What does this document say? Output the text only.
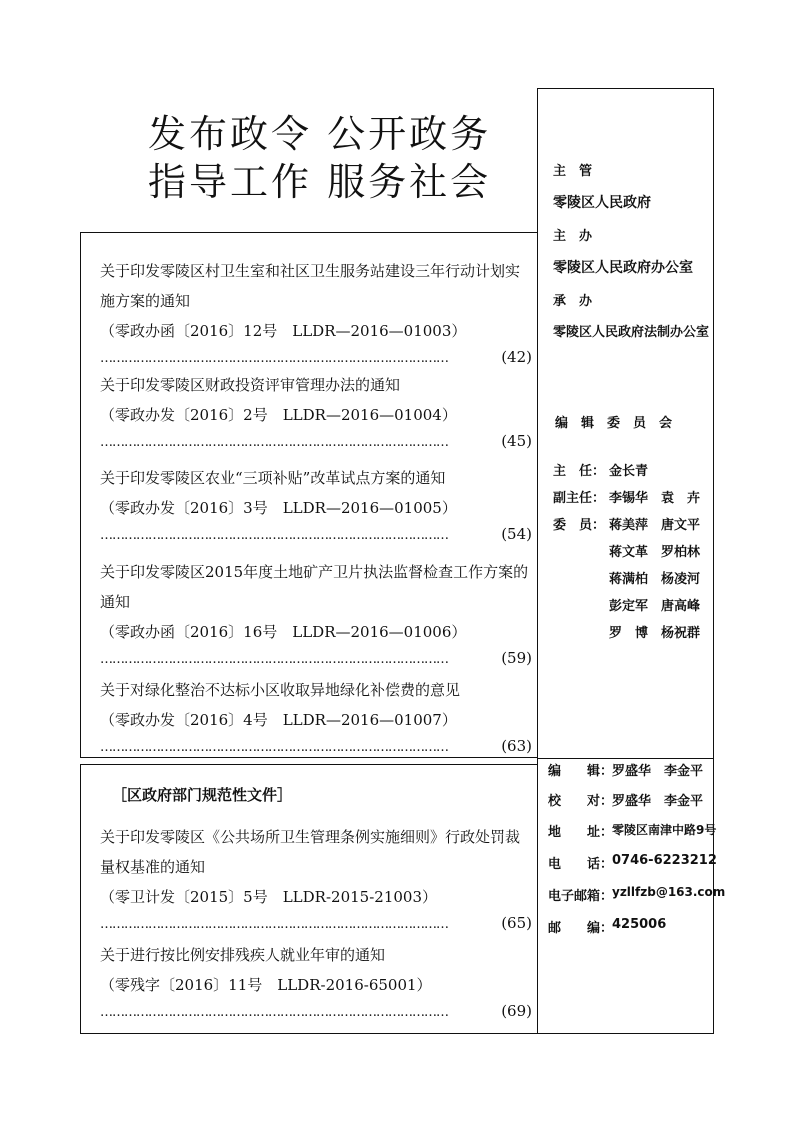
发布政令 公开政务
指导工作 服务社会
关于印发零陵区村卫生室和社区卫生服务站建设三年行动计划实施方案的通知
（零政办函〔2016〕12号　LLDR—2016—01003）
……………………………………………………………………………	(42)
关于印发零陵区财政投资评审管理办法的通知
（零政办发〔2016〕2号　LLDR—2016—01004）
……………………………………………………………………………	(45)
关于印发零陵区农业“三项补贴”改革试点方案的通知
（零政办发〔2016〕3号　LLDR—2016—01005）
……………………………………………………………………………	(54)
关于印发零陵区2015年度土地矿产卫片执法监督检查工作方案的通知
（零政办函〔2016〕16号　LLDR—2016—01006）
……………………………………………………………………………	(59)
关于对绿化整治不达标小区收取异地绿化补偿费的意见
（零政办发〔2016〕4号　LLDR—2016—01007）
……………………………………………………………………………	(63)
［区政府部门规范性文件］
关于印发零陵区《公共场所卫生管理条例实施细则》行政处罚裁量权基准的通知
（零卫计发〔2015〕5号　LLDR-2015-21003）
……………………………………………………………………………	(65)
关于进行按比例安排残疾人就业年审的通知
（零残字〔2016〕11号　LLDR-2016-65001）
……………………………………………………………………………	(69)
主　管
零陵区人民政府
主　办
零陵区人民政府办公室
承　办
零陵区人民政府法制办公室
编　辑　委　员　会
主　任： 金长青
副主任： 李锡华　袁　卉
委　员： 蒋美萍　唐文平
蒋文革　罗柏林
蒋满柏　杨凌河
彭定军　唐高峰
罗　博　杨祝群
编　　辑：
罗盛华　李金平
校　　对：
罗盛华　李金平
地　　址：
零陵区南津中路9号
电　　话：
0746-6223212
电子邮箱：
yzllfzb@163.com
邮　　编：
425006
